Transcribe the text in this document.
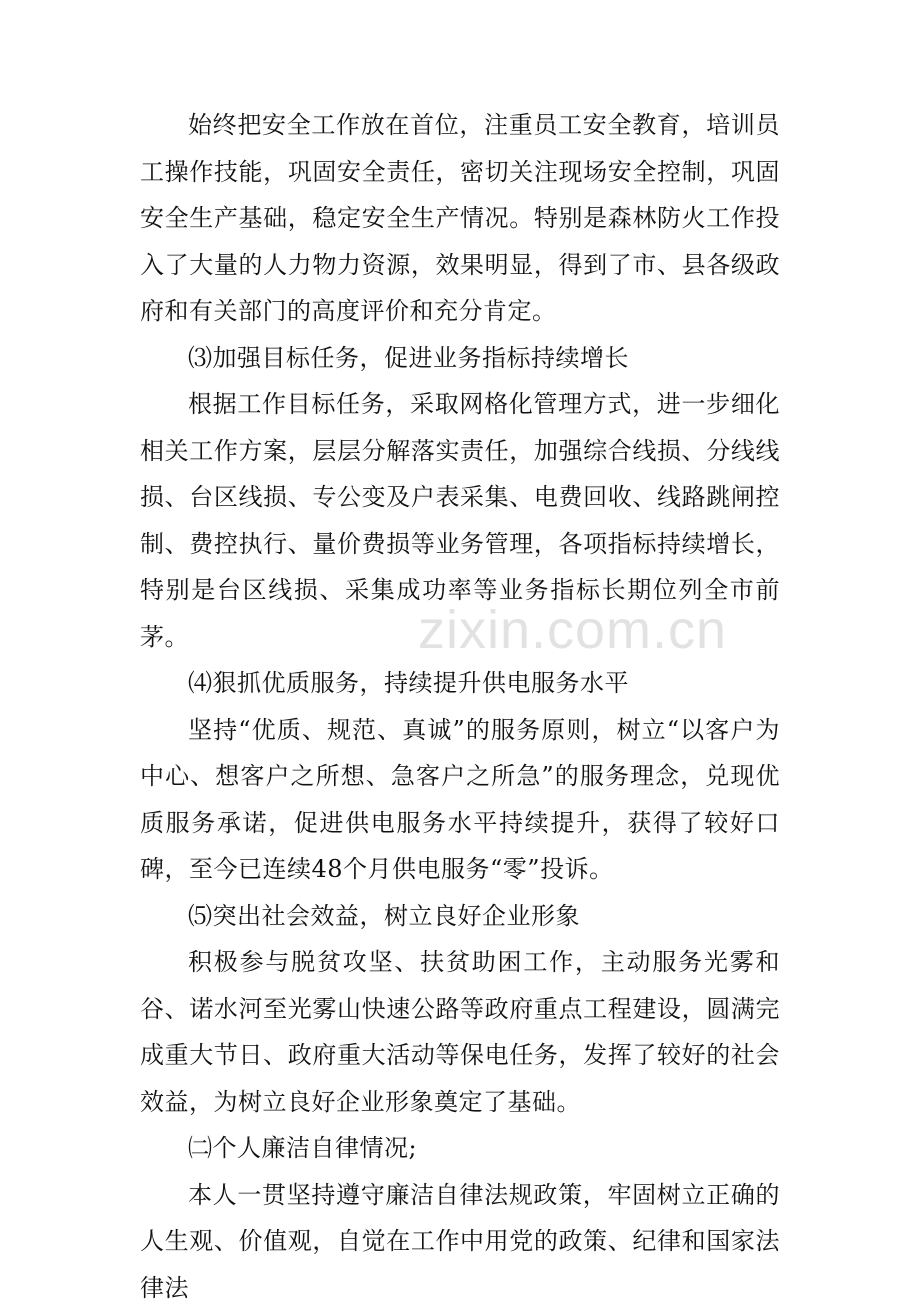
始终把安全工作放在首位，注重员工安全教育，培训员工操作技能，巩固安全责任，密切关注现场安全控制，巩固安全生产基础，稳定安全生产情况。特别是森林防火工作投入了大量的人力物力资源，效果明显，得到了市、县各级政府和有关部门的高度评价和充分肯定。

⑶加强目标任务，促进业务指标持续增长

根据工作目标任务，采取网格化管理方式，进一步细化相关工作方案，层层分解落实责任，加强综合线损、分线线损、台区线损、专公变及户表采集、电费回收、线路跳闸控制、费控执行、量价费损等业务管理，各项指标持续增长，特别是台区线损、采集成功率等业务指标长期位列全市前茅。

⑷狠抓优质服务，持续提升供电服务水平

坚持“优质、规范、真诚”的服务原则，树立“以客户为中心、想客户之所想、急客户之所急”的服务理念，兑现优质服务承诺，促进供电服务水平持续提升，获得了较好口碑，至今已连续48个月供电服务“零”投诉。

⑸突出社会效益，树立良好企业形象

积极参与脱贫攻坚、扶贫助困工作，主动服务光雾和谷、诺水河至光雾山快速公路等政府重点工程建设，圆满完成重大节日、政府重大活动等保电任务，发挥了较好的社会效益，为树立良好企业形象奠定了基础。

㈡个人廉洁自律情况;

本人一贯坚持遵守廉洁自律法规政策，牢固树立正确的人生观、价值观，自觉在工作中用党的政策、纪律和国家法律法

zixin.com.cn
